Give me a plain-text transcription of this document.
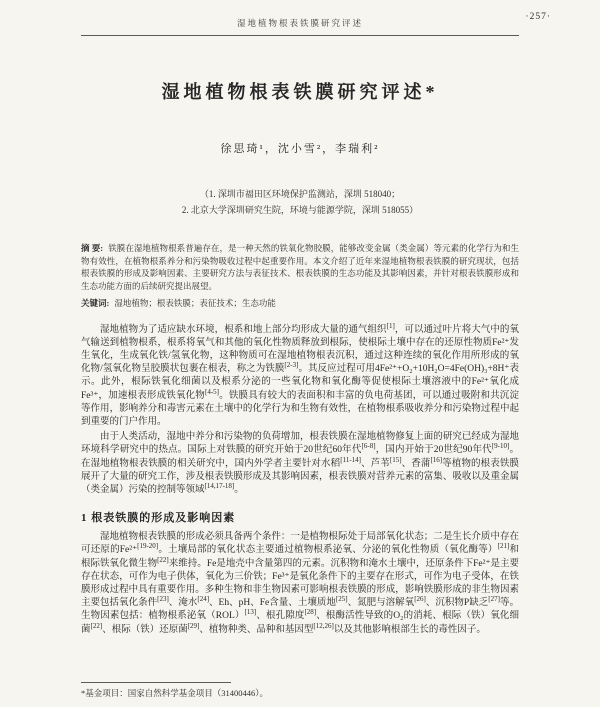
湿地植物根表铁膜研究评述
·257·
湿地植物根表铁膜研究评述*
徐思琦¹，沈小雪²，李瑞利²
（1. 深圳市福田区环境保护监测站，深圳 518040；
2. 北京大学深圳研究生院，环境与能源学院，深圳 518055）

摘 要: 铁膜在湿地植物根系普遍存在，是一种天然的铁氧化物胶膜，能够改变金属（类金属）等元素的化学行为和生物有效性，在植物根系养分和污染物吸收过程中起重要作用。本文介绍了近年来湿地植物根表铁膜的研究现状，包括根表铁膜的形成及影响因素、主要研究方法与表征技术、根表铁膜的生态功能及其影响因素，并针对根表铁膜形成和生态功能方面的后续研究提出展望。

关键词: 湿地植物；根表铁膜；表征技术；生态功能

湿地植物为了适应缺水环境，根系和地上部分均形成大量的通气组织[1]，可以通过叶片将大气中的氧气输送到植物根系，根系将氧气和其他的氧化性物质释放到根际，使根际土壤中存在的还原性物质Fe²⁺发生氧化，生成氧化铁/氢氧化物，这种物质可在湿地植物根表沉积，通过这种连续的氧化作用所形成的氧化物/氢氧化物呈胶膜状包裹在根表，称之为铁膜[2-3]。其反应过程可用4Fe²⁺+O₂+10H₂O=4Fe(OH)₃+8H⁺表示。此外，根际铁氧化细菌以及根系分泌的一些氧化物和氧化酶等促使根际土壤溶液中的Fe²⁺氧化成Fe³⁺，加速根表形成铁氧化物[4-5]。铁膜具有较大的表面积和丰富的负电荷基团，可以通过吸附和共沉淀等作用，影响养分和毒害元素在土壤中的化学行为和生物有效性，在植物根系吸收养分和污染物过程中起到重要的门户作用。

由于人类活动，湿地中养分和污染物的负荷增加，根表铁膜在湿地植物修复上面的研究已经成为湿地环境科学研究中的热点。国际上对铁膜的研究开始于20世纪60年代[6-8]，国内开始于20世纪90年代[9-10]。在湿地植物根表铁膜的相关研究中，国内外学者主要针对水稻[11-14]、芦苇[15]、香蒲[16]等植物的根表铁膜展开了大量的研究工作，涉及根表铁膜形成及其影响因素，根表铁膜对营养元素的富集、吸收以及重金属（类金属）污染的控制等领域[14,17-18]。

1 根表铁膜的形成及影响因素

湿地植物根表铁膜的形成必须具备两个条件：一是植物根际处于局部氧化状态；二是生长介质中存在可还原的Fe²⁺[19-20]。土壤局部的氧化状态主要通过植物根系泌氧、分泌的氧化性物质（氧化酶等）[21]和根际铁氧化微生物[22]来维持。Fe是地壳中含量第四的元素。沉积物和淹水土壤中，还原条件下Fe²⁺是主要存在状态，可作为电子供体，氧化为三价铁；Fe³⁺是氧化条件下的主要存在形式，可作为电子受体，在铁膜形成过程中具有重要作用。多种生物和非生物因素可影响根表铁膜的形成，影响铁膜形成的非生物因素主要包括氧化条件[23]、淹水[24]、Eh、pH、Fe含量、土壤质地[25]、氮肥与溶解氧[26]、沉积物P缺乏[27]等。生物因素包括：植物根系泌氧（ROL）[13]、根孔隙度[28]、根酶活性导致的O₂的消耗、根际（铁）氧化细菌[22]、根际（铁）还原菌[29]、植物种类、品种和基因型[12,26]以及其他影响根部生长的毒性因子。

*基金项目：国家自然科学基金项目（31400446）。
